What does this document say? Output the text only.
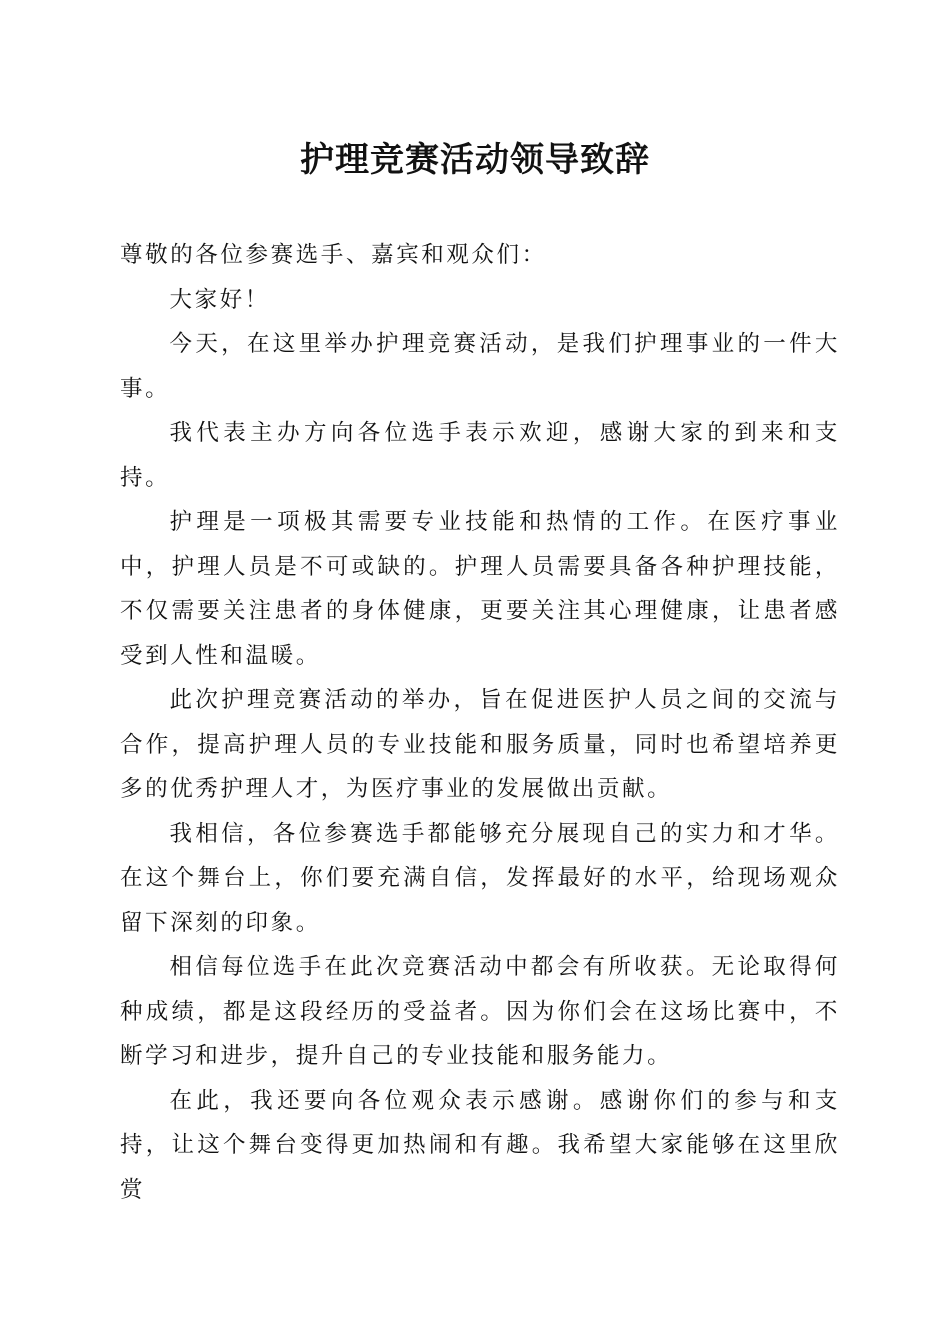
护理竞赛活动领导致辞

尊敬的各位参赛选手、嘉宾和观众们：

大家好！

今天，在这里举办护理竞赛活动，是我们护理事业的一件大事。

我代表主办方向各位选手表示欢迎，感谢大家的到来和支持。

护理是一项极其需要专业技能和热情的工作。在医疗事业中，护理人员是不可或缺的。护理人员需要具备各种护理技能，不仅需要关注患者的身体健康，更要关注其心理健康，让患者感受到人性和温暖。

此次护理竞赛活动的举办，旨在促进医护人员之间的交流与合作，提高护理人员的专业技能和服务质量，同时也希望培养更多的优秀护理人才，为医疗事业的发展做出贡献。

我相信，各位参赛选手都能够充分展现自己的实力和才华。在这个舞台上，你们要充满自信，发挥最好的水平，给现场观众留下深刻的印象。

相信每位选手在此次竞赛活动中都会有所收获。无论取得何种成绩，都是这段经历的受益者。因为你们会在这场比赛中，不断学习和进步，提升自己的专业技能和服务能力。

在此，我还要向各位观众表示感谢。感谢你们的参与和支持，让这个舞台变得更加热闹和有趣。我希望大家能够在这里欣赏
